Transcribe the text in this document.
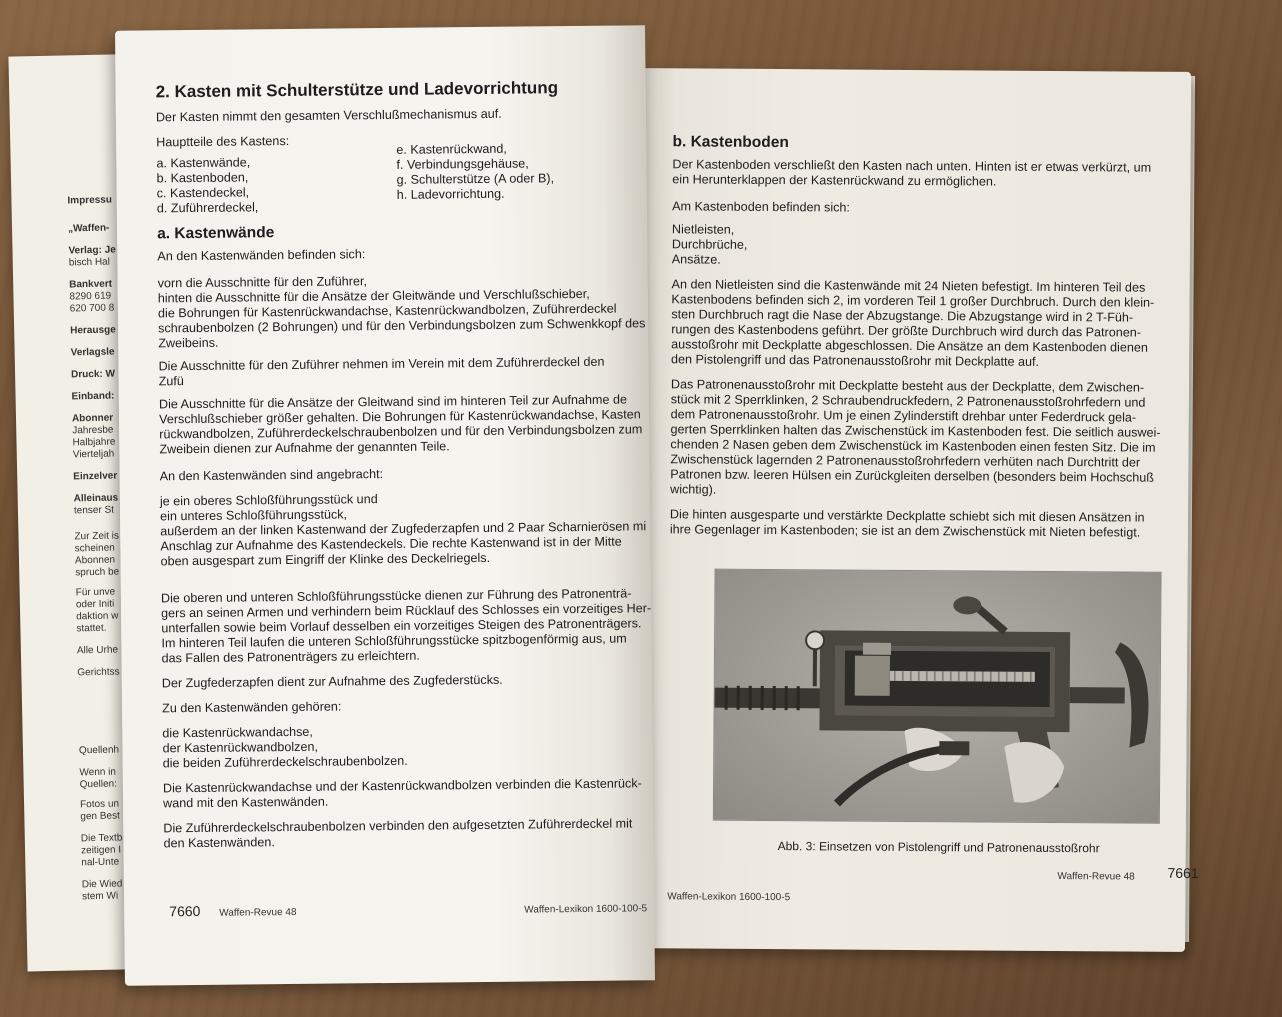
Impressu
„Waffen-
Verlag: Je
bisch Hal
Bankvert
8290 619
620 700 8
Herausge
Verlagsle
Druck: W
Einband:
Abonner
Jahresbe
Halbjahre
Vierteljah
Einzelver
Alleinaus
tenser St
Zur Zeit is
scheinen
Abonnen
spruch be
Für unve
oder Initi
daktion w
stattet.
Alle Urhe
Gerichtss
Quellenh
Wenn in
Quellen:
Fotos un
gen Best
Die Textb
zeitigen I
nal-Unte
Die Wied
stem Wi
b. Kastenboden
Der Kastenboden verschließt den Kasten nach unten. Hinten ist er etwas verkürzt, um
ein Herunterklappen der Kastenrückwand zu ermöglichen.

Am Kastenboden befinden sich:

Nietleisten,
Durchbrüche,
Ansätze.
An den Nietleisten sind die Kastenwände mit 24 Nieten befestigt. Im hinteren Teil des
Kastenbodens befinden sich 2, im vorderen Teil 1 großer Durchbruch. Durch den klein-
sten Durchbruch ragt die Nase der Abzugstange. Die Abzugstange wird in 2 T-Füh-
rungen des Kastenbodens geführt. Der größte Durchbruch wird durch das Patronen-
ausstoßrohr mit Deckplatte abgeschlossen. Die Ansätze an dem Kastenboden dienen
den Pistolengriff und das Patronenausstoßrohr mit Deckplatte auf.
Das Patronenausstoßrohr mit Deckplatte besteht aus der Deckplatte, dem Zwischen-
stück mit 2 Sperrklinken, 2 Schraubendruckfedern, 2 Patronenausstoßrohrfedern und
dem Patronenausstoßrohr. Um je einen Zylinderstift drehbar unter Federdruck gela-
gerten Sperrklinken halten das Zwischenstück im Kastenboden fest. Die seitlich auswei-
chenden 2 Nasen geben dem Zwischenstück im Kastenboden einen festen Sitz. Die im
Zwischenstück lagernden 2 Patronenausstoßrohrfedern verhüten nach Durchtritt der
Patronen bzw. leeren Hülsen ein Zurückgleiten derselben (besonders beim Hochschuß
wichtig).
Die hinten ausgesparte und verstärkte Deckplatte schiebt sich mit diesen Ansätzen in
ihre Gegenlager im Kastenboden; sie ist an dem Zwischenstück mit Nieten befestigt.
Abb. 3: Einsetzen von Pistolengriff und Patronenausstoßrohr
Waffen-Revue 48 7661
Waffen-Lexikon 1600-100-5
2. Kasten mit Schulterstütze und Ladevorrichtung

Der Kasten nimmt den gesamten Verschlußmechanismus auf.

Hauptteile des Kastens:
a. Kastenwände,
b. Kastenboden,
c. Kastendeckel,
d. Zuführerdeckel,
e. Kastenrückwand,
f. Verbindungsgehäuse,
g. Schulterstütze (A oder B),
h. Ladevorrichtung.
a. Kastenwände

An den Kastenwänden befinden sich:

vorn die Ausschnitte für den Zuführer,
hinten die Ausschnitte für die Ansätze der Gleitwände und Verschlußschieber,
die Bohrungen für Kastenrückwandachse, Kastenrückwandbolzen, Zuführerdeckel
schraubenbolzen (2 Bohrungen) und für den Verbindungsbolzen zum Schwenkkopf des
Zweibeins.

Die Ausschnitte für den Zuführer nehmen im Verein mit dem Zuführerdeckel den Zufü

Die Ausschnitte für die Ansätze der Gleitwand sind im hinteren Teil zur Aufnahme de
Verschlußschieber größer gehalten. Die Bohrungen für Kastenrückwandachse, Kasten
rückwandbolzen, Zuführerdeckelschraubenbolzen und für den Verbindungsbolzen zum
Zweibein dienen zur Aufnahme der genannten Teile.

An den Kastenwänden sind angebracht:

je ein oberes Schloßführungsstück und
ein unteres Schloßführungsstück,
außerdem an der linken Kastenwand der Zugfederzapfen und 2 Paar Scharnierösen mi
Anschlag zur Aufnahme des Kastendeckels. Die rechte Kastenwand ist in der Mitte
oben ausgespart zum Eingriff der Klinke des Deckelriegels.
Die oberen und unteren Schloßführungsstücke dienen zur Führung des Patronenträ-
gers an seinen Armen und verhindern beim Rücklauf des Schlosses ein vorzeitiges Her-
unterfallen sowie beim Vorlauf desselben ein vorzeitiges Steigen des Patronenträgers.
Im hinteren Teil laufen die unteren Schloßführungsstücke spitzbogenförmig aus, um
das Fallen des Patronenträgers zu erleichtern.

Der Zugfederzapfen dient zur Aufnahme des Zugfederstücks.

Zu den Kastenwänden gehören:

die Kastenrückwandachse,
der Kastenrückwandbolzen,
die beiden Zuführerdeckelschraubenbolzen.
Die Kastenrückwandachse und der Kastenrückwandbolzen verbinden die Kastenrück-
wand mit den Kastenwänden.
Die Zuführerdeckelschraubenbolzen verbinden den aufgesetzten Zuführerdeckel mit
den Kastenwänden.
7660 Waffen-Revue 48	Waffen-Lexikon 1600-100-5
